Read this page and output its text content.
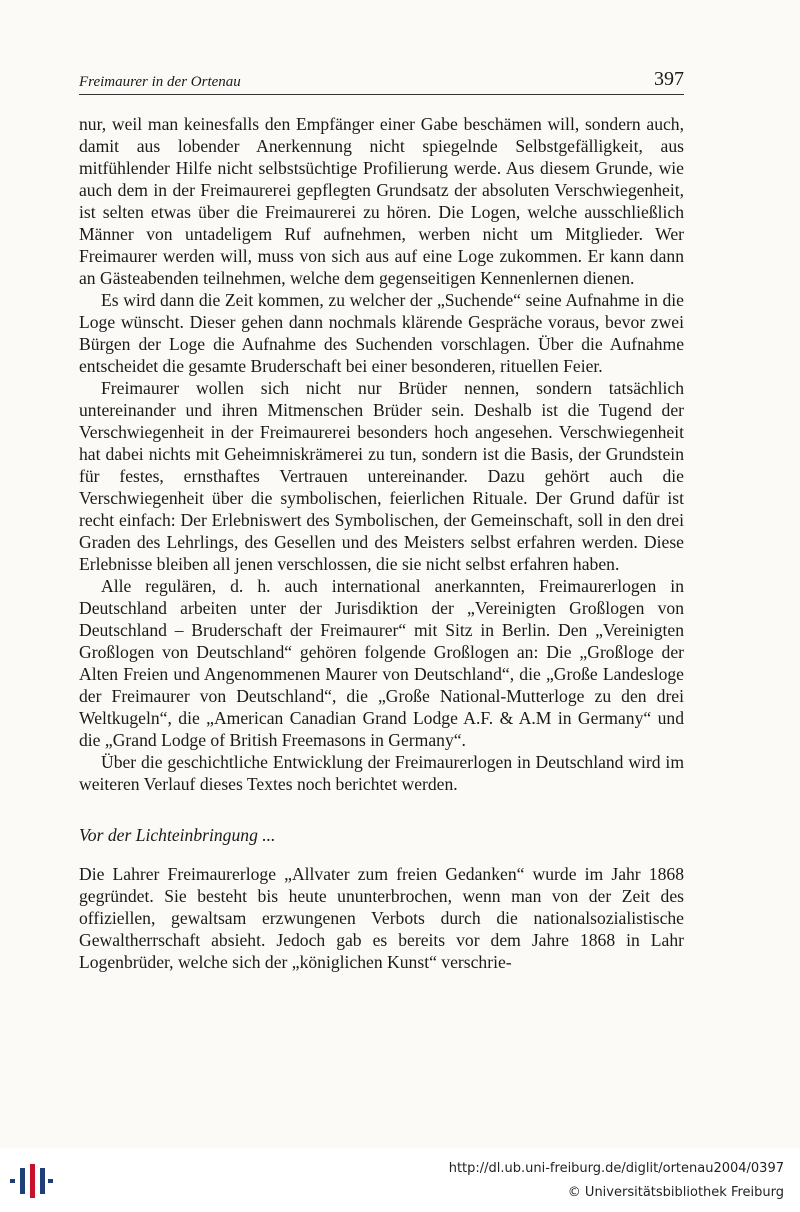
Freimaurer in der Ortenau	397

nur, weil man keinesfalls den Empfänger einer Gabe beschämen will, sondern auch, damit aus lobender Anerkennung nicht spiegelnde Selbstgefälligkeit, aus mitfühlender Hilfe nicht selbstsüchtige Profilierung werde. Aus diesem Grunde, wie auch dem in der Freimaurerei gepflegten Grundsatz der absoluten Verschwiegenheit, ist selten etwas über die Freimaurerei zu hören. Die Logen, welche ausschließlich Männer von untadeligem Ruf aufnehmen, werben nicht um Mitglieder. Wer Freimaurer werden will, muss von sich aus auf eine Loge zukommen. Er kann dann an Gästeabenden teilnehmen, welche dem gegenseitigen Kennenlernen dienen.

Es wird dann die Zeit kommen, zu welcher der „Suchende“ seine Aufnahme in die Loge wünscht. Dieser gehen dann nochmals klärende Gespräche voraus, bevor zwei Bürgen der Loge die Aufnahme des Suchenden vorschlagen. Über die Aufnahme entscheidet die gesamte Bruderschaft bei einer besonderen, rituellen Feier.

Freimaurer wollen sich nicht nur Brüder nennen, sondern tatsächlich untereinander und ihren Mitmenschen Brüder sein. Deshalb ist die Tugend der Verschwiegenheit in der Freimaurerei besonders hoch angesehen. Verschwiegenheit hat dabei nichts mit Geheimniskrämerei zu tun, sondern ist die Basis, der Grundstein für festes, ernsthaftes Vertrauen untereinander. Dazu gehört auch die Verschwiegenheit über die symbolischen, feierlichen Rituale. Der Grund dafür ist recht einfach: Der Erlebniswert des Symbolischen, der Gemeinschaft, soll in den drei Graden des Lehrlings, des Gesellen und des Meisters selbst erfahren werden. Diese Erlebnisse bleiben all jenen verschlossen, die sie nicht selbst erfahren haben.

Alle regulären, d. h. auch international anerkannten, Freimaurerlogen in Deutschland arbeiten unter der Jurisdiktion der „Vereinigten Großlogen von Deutschland – Bruderschaft der Freimaurer“ mit Sitz in Berlin. Den „Vereinigten Großlogen von Deutschland“ gehören folgende Großlogen an: Die „Großloge der Alten Freien und Angenommenen Maurer von Deutschland“, die „Große Landesloge der Freimaurer von Deutschland“, die „Große National-Mutterloge zu den drei Weltkugeln“, die „American Canadian Grand Lodge A.F. & A.M in Germany“ und die „Grand Lodge of British Freemasons in Germany“.

Über die geschichtliche Entwicklung der Freimaurerlogen in Deutschland wird im weiteren Verlauf dieses Textes noch berichtet werden.

Vor der Lichteinbringung ...

Die Lahrer Freimaurerloge „Allvater zum freien Gedanken“ wurde im Jahr 1868 gegründet. Sie besteht bis heute ununterbrochen, wenn man von der Zeit des offiziellen, gewaltsam erzwungenen Verbots durch die nationalsozialistische Gewaltherrschaft absieht. Jedoch gab es bereits vor dem Jahre 1868 in Lahr Logenbrüder, welche sich der „königlichen Kunst“ verschrie-

http://dl.ub.uni-freiburg.de/diglit/ortenau2004/0397
© Universitätsbibliothek Freiburg
